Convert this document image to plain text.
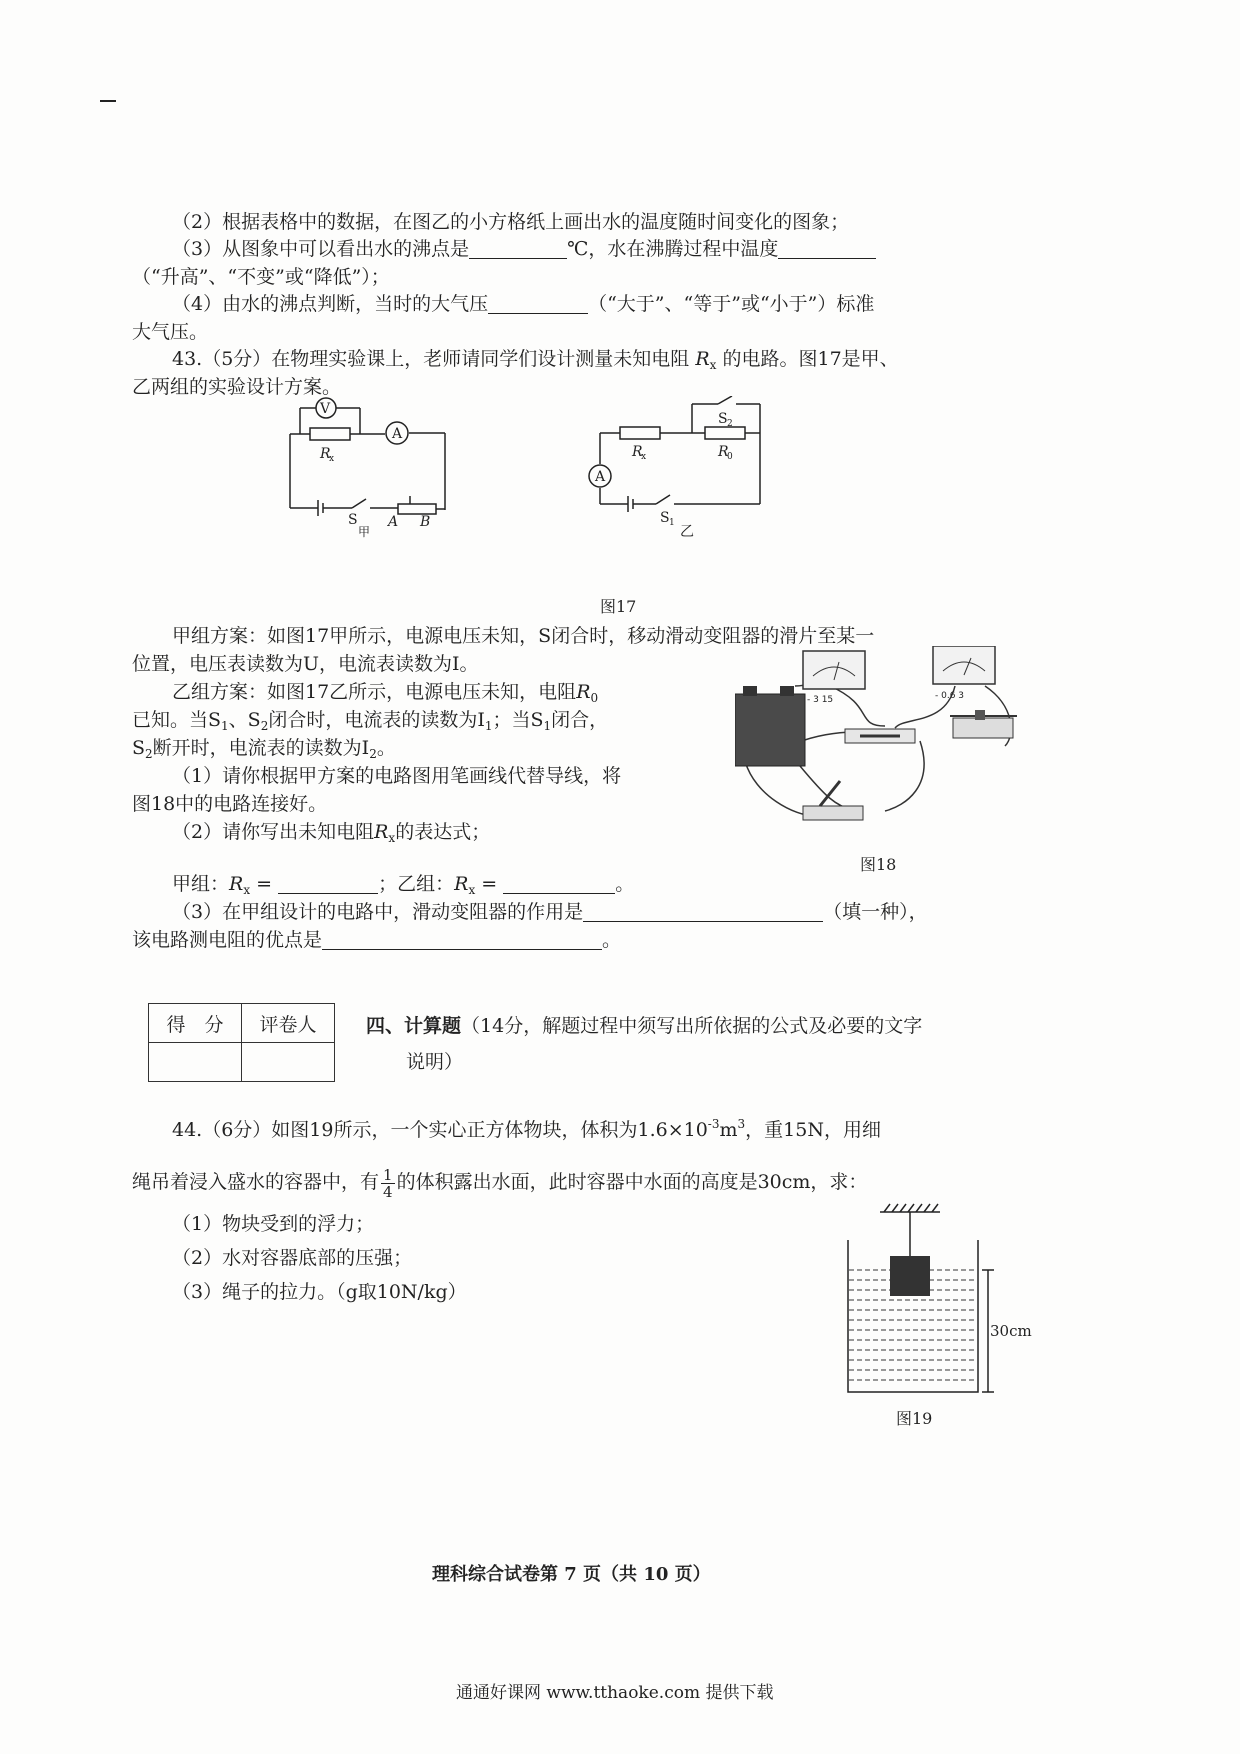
（2）根据表格中的数据，在图乙的小方格纸上画出水的温度随时间变化的图象；
（3）从图象中可以看出水的沸点是	℃，水在沸腾过程中温度
（“升高”、“不变”或“降低”）；
（4）由水的沸点判断，当时的大气压	（“大于”、“等于”或“小于”）标准
大气压。
43.（5分）在物理实验课上，老师请同学们设计测量未知电阻 $R_x$ 的电路。图17是甲、
乙两组的实验设计方案。
V
A
R
x
S
甲
A B
A
R
x	R
0
S 2
S 1
乙
图17
甲组方案：如图17甲所示，电源电压未知，S闭合时，移动滑动变阻器的滑片至某一
位置，电压表读数为U，电流表读数为I。
乙组方案：如图17乙所示，电源电压未知，电阻$R_0$
已知。当$S_1$、$S_2$闭合时，电流表的读数为$I_1$；当$S_1$闭合，
$S_2$断开时，电流表的读数为$I_2$。
（1）请你根据甲方案的电路图用笔画线代替导线，将
图18中的电路连接好。
（2）请你写出未知电阻$R_x$的表达式；
- 3 15	- 0.6 3
图18
甲组：$R_x$ =	；乙组：$R_x$ =	。
（3）在甲组设计的电路中，滑动变阻器的作用是	（填一种），
该电路测电阻的优点是	。
得　分	评卷人
		四、计算题（14分，解题过程中须写出所依据的公式及必要的文字
说明）
44.（6分）如图19所示，一个实心正方体物块，体积为$1.6\times 10^{-3}m^3$，重15N，用细
绳吊着浸入盛水的容器中，有 $\frac{1}{4}$ 的体积露出水面，此时容器中水面的高度是30cm，求：
（1）物块受到的浮力；
（2）水对容器底部的压强；
（3）绳子的拉力。（g取10N/kg）
30cm
图19
理科综合试卷第 7 页（共 10 页）
通通好课网 www.tthaoke.com 提供下载
